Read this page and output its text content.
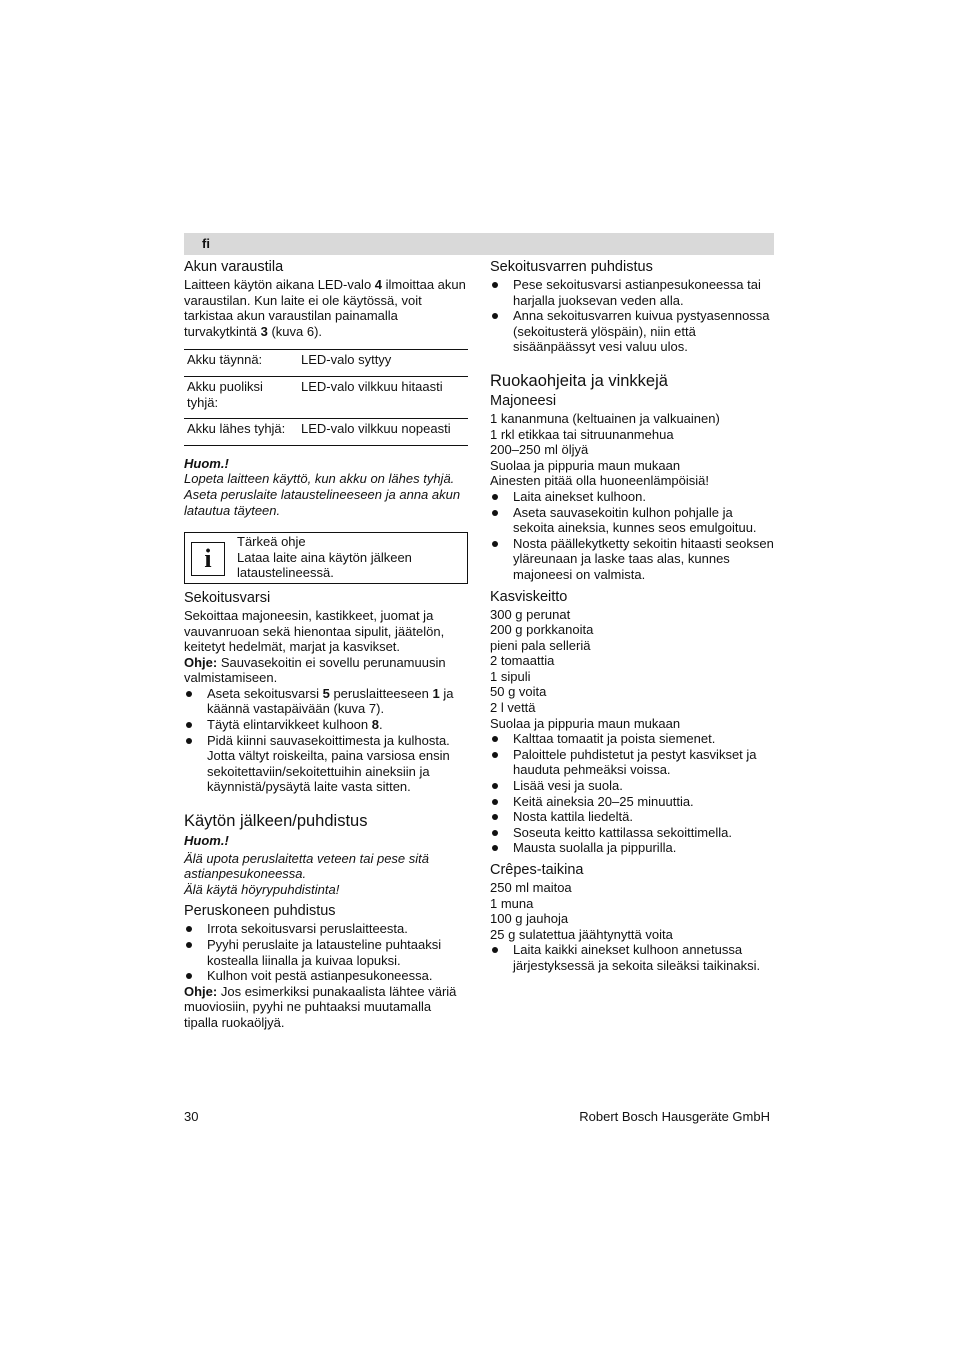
fi
Akun varaustila

Laitteen käytön aikana LED-valo 4 ilmoittaa akun varaustilan. Kun laite ei ole käytössä, voit tarkistaa akun varaustilan painamalla turvakytkintä 3 (kuva 6).

Akku täynnä:	LED-valo syttyy
Akku puoliksi tyhjä:	LED-valo vilkkuu hitaasti
Akku lähes tyhjä:	LED-valo vilkkuu nopeasti

Huom.!

Lopeta laitteen käyttö, kun akku on lähes tyhjä. Aseta peruslaite lataustelineeseen ja anna akun latautua täyteen.

i

Tärkeä ohje

Lataa laite aina käytön jälkeen lataustelineessä.

Sekoitusvarsi

Sekoittaa majoneesin, kastikkeet, juomat ja vauvanruoan sekä hienontaa sipulit, jäätelön, keitetyt hedelmät, marjat ja kasvikset.

Ohje: Sauvasekoitin ei sovellu perunamuusin valmistamiseen.

Aseta sekoitusvarsi 5 peruslaitteeseen 1 ja käännä vastapäivään (kuva 7).
Täytä elintarvikkeet kulhoon 8.
Pidä kiinni sauvasekoittimesta ja kulhosta. Jotta vältyt roiskeilta, paina varsiosa ensin sekoitettaviin/sekoitettuihin aineksiin ja käynnistä/pysäytä laite vasta sitten.
Käytön jälkeen/puhdistus

Huom.!

Älä upota peruslaitetta veteen tai pese sitä astianpesukoneessa.

Älä käytä höyrypuhdistinta!

Peruskoneen puhdistus
Irrota sekoitusvarsi peruslaitteesta.
Pyyhi peruslaite ja latausteline puhtaaksi kostealla liinalla ja kuivaa lopuksi.
Kulhon voit pestä astianpesukoneessa.

Ohje: Jos esimerkiksi punakaalista lähtee väriä muoviosiin, pyyhi ne puhtaaksi muutamalla tipalla ruokaöljyä.

Sekoitusvarren puhdistus
Pese sekoitusvarsi astianpesukoneessa tai harjalla juoksevan veden alla.
Anna sekoitusvarren kuivua pystyasennossa (sekoitusterä ylöspäin), niin että sisäänpäässyt vesi valuu ulos.
Ruokaohjeita ja vinkkejä
Majoneesi

1 kananmuna (keltuainen ja valkuainen)

1 rkl etikkaa tai sitruunanmehua

200–250 ml öljyä

Suolaa ja pippuria maun mukaan

Ainesten pitää olla huoneenlämpöisiä!

Laita ainekset kulhoon.
Aseta sauvasekoitin kulhon pohjalle ja sekoita aineksia, kunnes seos emulgoituu.
Nosta päällekytketty sekoitin hitaasti seoksen yläreunaan ja laske taas alas, kunnes majoneesi on valmista.
Kasviskeitto

300 g perunat

200 g porkkanoita

pieni pala selleriä

2 tomaattia

1 sipuli

50 g voita

2 l vettä

Suolaa ja pippuria maun mukaan

Kalttaa tomaatit ja poista siemenet.
Paloittele puhdistetut ja pestyt kasvikset ja hauduta pehmeäksi voissa.
Lisää vesi ja suola.
Keitä aineksia 20–25 minuuttia.
Nosta kattila liedeltä.
Soseuta keitto kattilassa sekoittimella.
Mausta suolalla ja pippurilla.
Crêpes-taikina

250 ml maitoa

1 muna

100 g jauhoja

25 g sulatettua jäähtynyttä voita

Laita kaikki ainekset kulhoon annetussa järjestyksessä ja sekoita sileäksi taikinaksi.
30	Robert Bosch Hausgeräte GmbH
